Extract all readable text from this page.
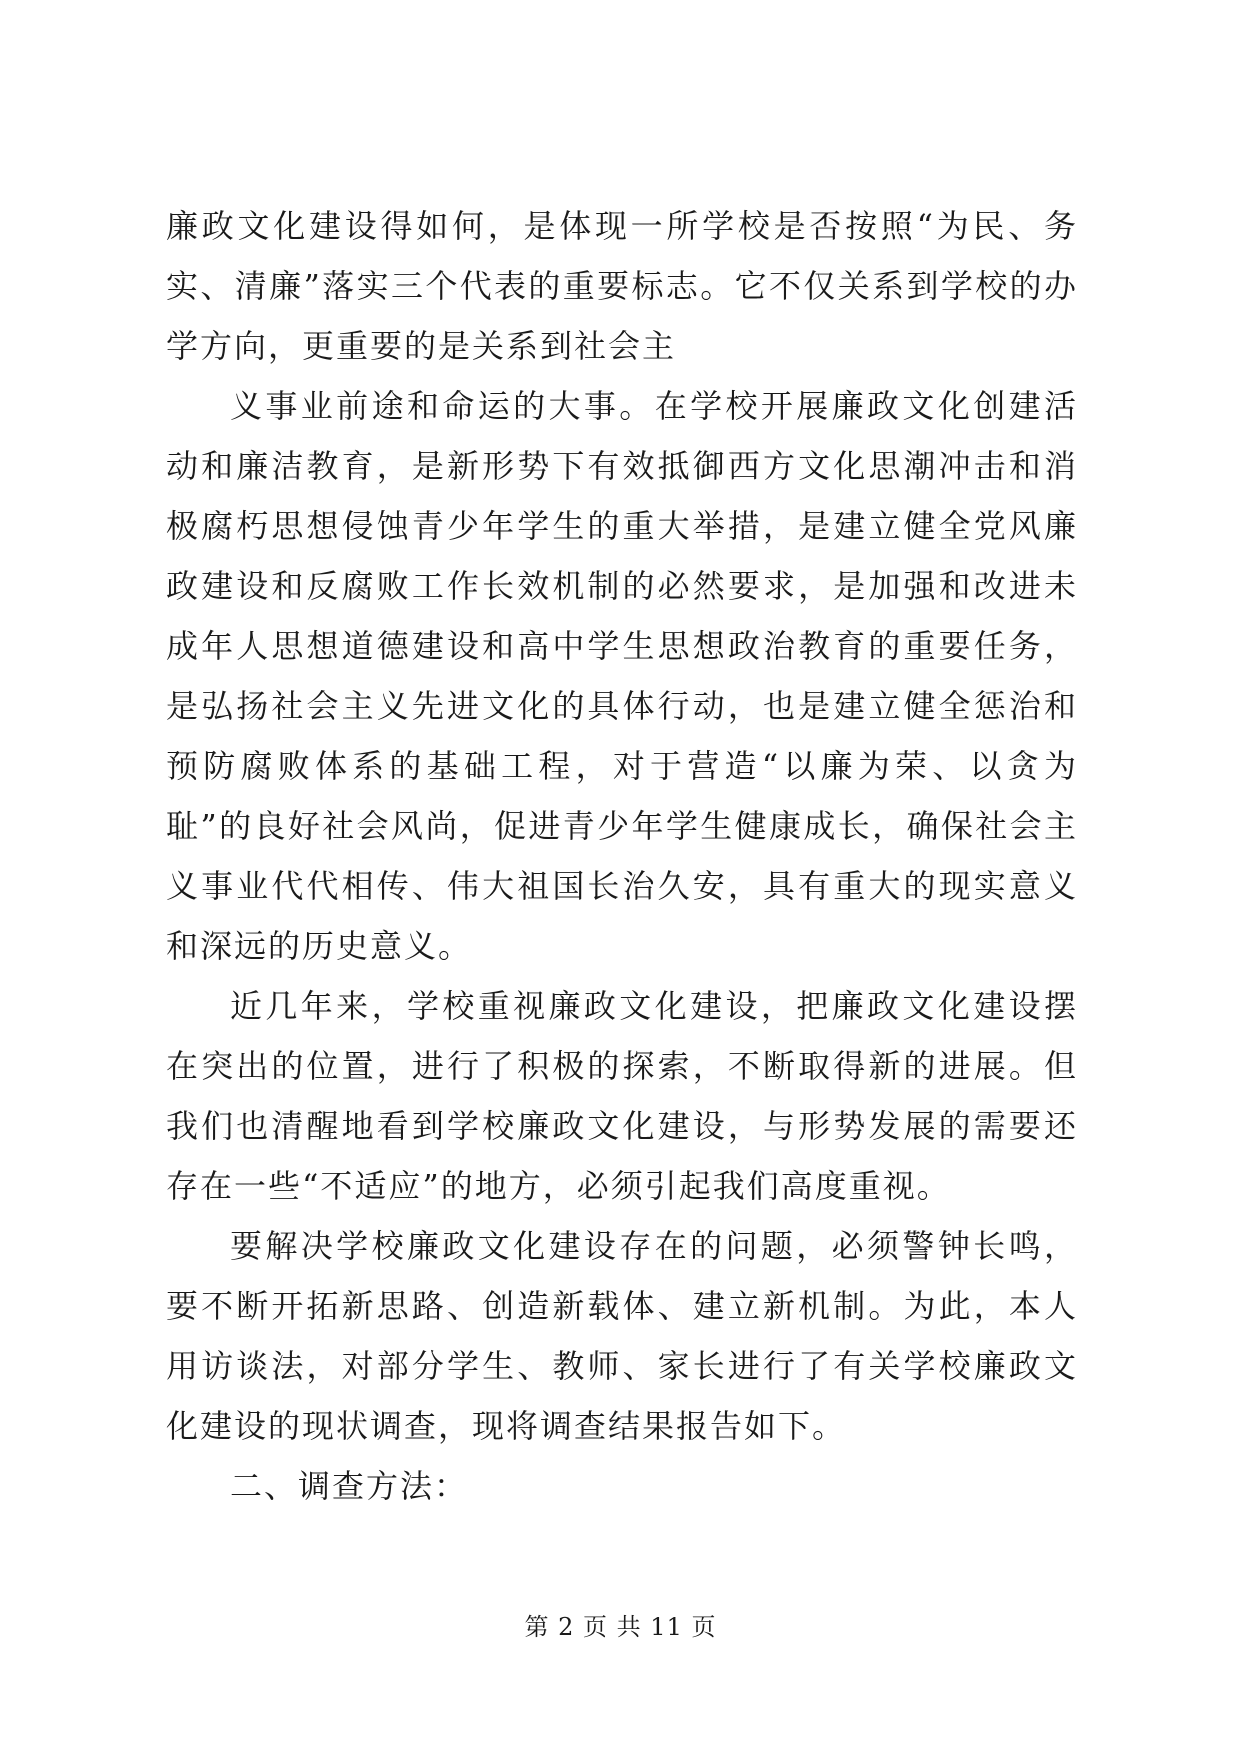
廉政文化建设得如何，是体现一所学校是否按照“为民、务实、清廉”落实三个代表的重要标志。它不仅关系到学校的办学方向，更重要的是关系到社会主

义事业前途和命运的大事。在学校开展廉政文化创建活动和廉洁教育，是新形势下有效抵御西方文化思潮冲击和消极腐朽思想侵蚀青少年学生的重大举措，是建立健全党风廉政建设和反腐败工作长效机制的必然要求，是加强和改进未成年人思想道德建设和高中学生思想政治教育的重要任务，是弘扬社会主义先进文化的具体行动，也是建立健全惩治和预防腐败体系的基础工程，对于营造“以廉为荣、以贪为耻”的良好社会风尚，促进青少年学生健康成长，确保社会主义事业代代相传、伟大祖国长治久安，具有重大的现实意义和深远的历史意义。

近几年来，学校重视廉政文化建设，把廉政文化建设摆在突出的位置，进行了积极的探索，不断取得新的进展。但我们也清醒地看到学校廉政文化建设，与形势发展的需要还存在一些“不适应”的地方，必须引起我们高度重视。

要解决学校廉政文化建设存在的问题，必须警钟长鸣，要不断开拓新思路、创造新载体、建立新机制。为此，本人用访谈法，对部分学生、教师、家长进行了有关学校廉政文化建设的现状调查，现将调查结果报告如下。

二、调查方法：

第 2 页 共 11 页
